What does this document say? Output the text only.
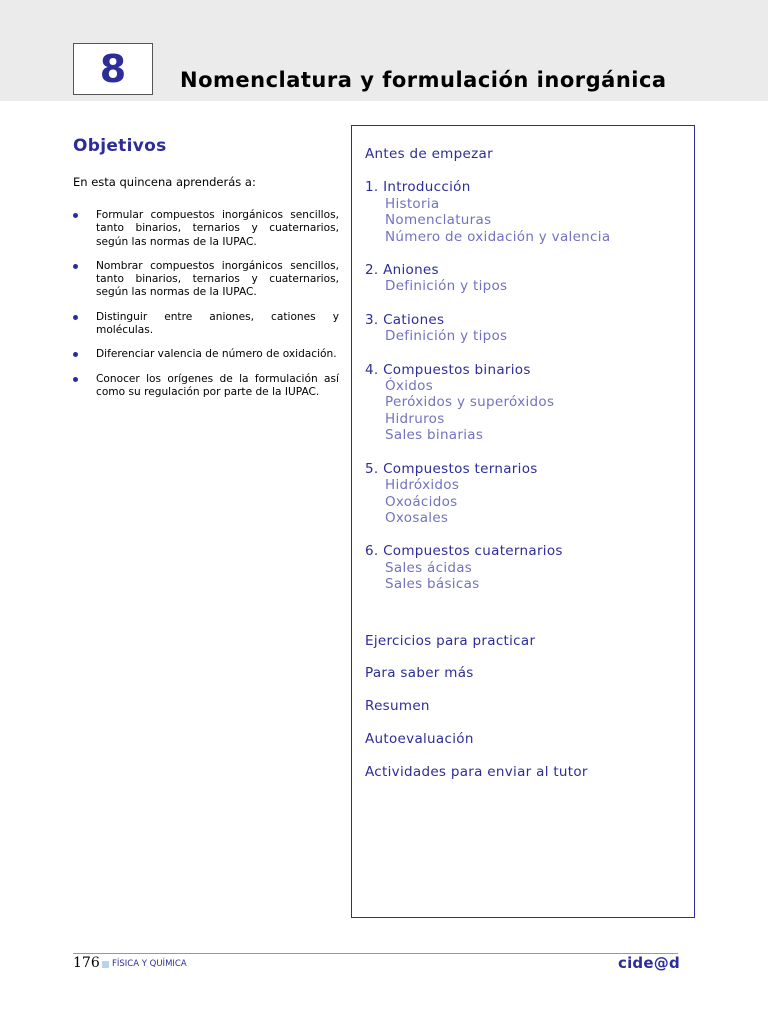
8	Nomenclatura y formulación inorgánica
Objetivos
En esta quincena aprenderás a:
Formular compuestos inorgánicos sencillos, tanto binarios, ternarios y cuaternarios, según las normas de la IUPAC.
Nombrar compuestos inorgánicos sencillos, tanto binarios, ternarios y cuaternarios, según las normas de la IUPAC.
Distinguir entre aniones, cationes y moléculas.
Diferenciar valencia de número de oxidación.
Conocer los orígenes de la formulación así como su regulación por parte de la IUPAC.
Antes de empezar
1. Introducción
Historia
Nomenclaturas
Número de oxidación y valencia
2. Aniones
Definición y tipos
3. Cationes
Definición y tipos
4. Compuestos binarios
Óxidos
Peróxidos y superóxidos
Hidruros
Sales binarias
5. Compuestos ternarios
Hidróxidos
Oxoácidos
Oxosales
6. Compuestos cuaternarios
Sales ácidas
Sales básicas
Ejercicios para practicar
Para saber más
Resumen
Autoevaluación
Actividades para enviar al tutor
176 FÍSICA Y QUÍMICA	cide@d
